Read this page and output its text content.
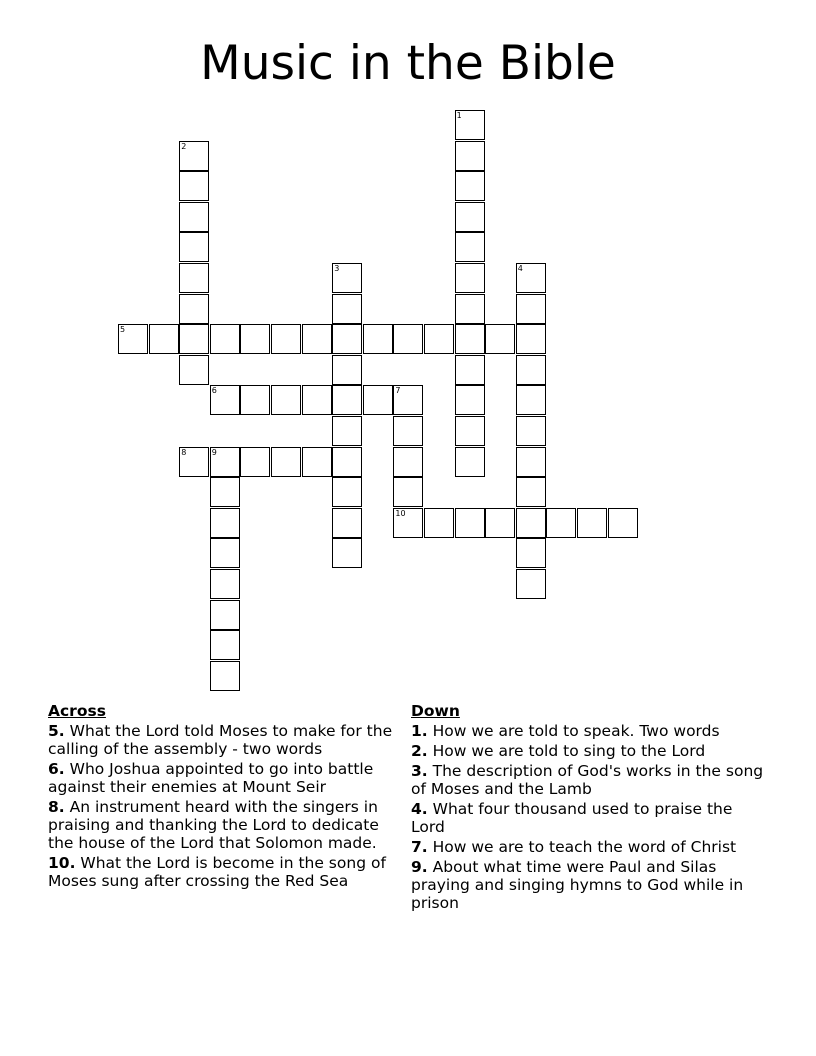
Music in the Bible
1
2
3	4
5
6	7
8	9
10
Across
5. What the Lord told Moses to make for the calling of the assembly - two words
6. Who Joshua appointed to go into battle against their enemies at Mount Seir
8. An instrument heard with the singers in praising and thanking the Lord to dedicate the house of the Lord that Solomon made.
10. What the Lord is become in the song of Moses sung after crossing the Red Sea
Down
1. How we are told to speak. Two words
2. How we are told to sing to the Lord
3. The description of God's works in the song of Moses and the Lamb
4. What four thousand used to praise the Lord
7. How we are to teach the word of Christ
9. About what time were Paul and Silas praying and singing hymns to God while in prison
